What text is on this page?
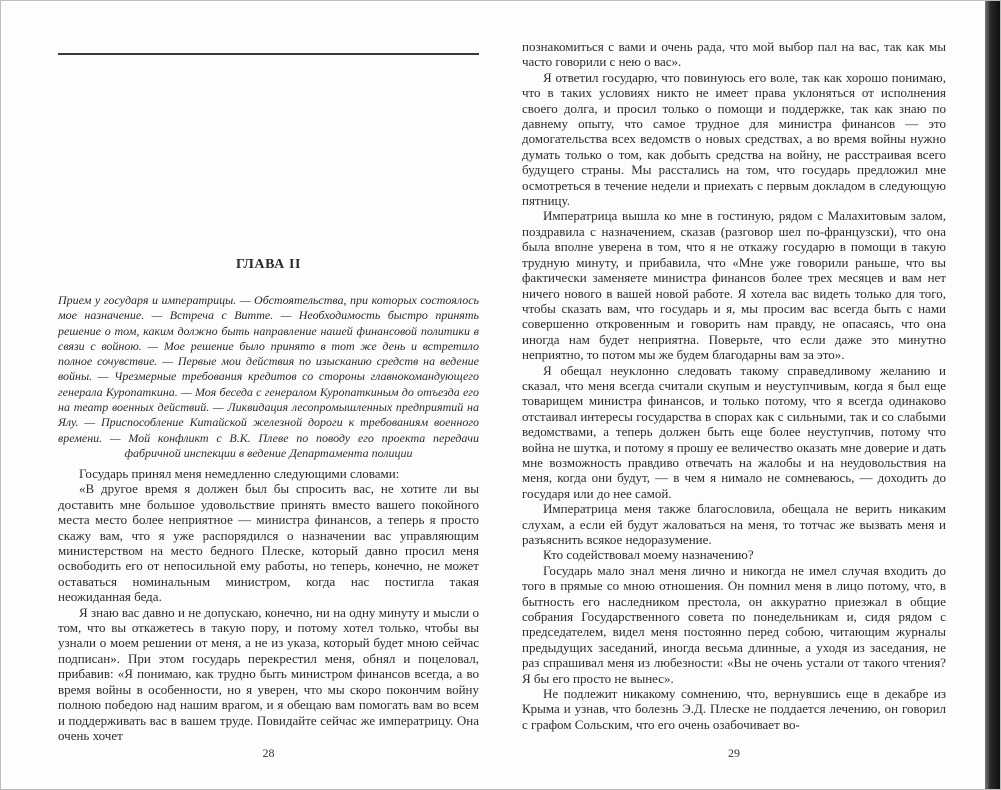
ГЛАВА II

Прием у государя и императрицы. — Обстоятельства, при которых состоялось мое назначение. — Встреча с Витте. — Необходимость быстро принять решение о том, каким должно быть направление нашей финансовой политики в связи с войною. — Мое решение было принято в тот же день и встретило полное сочувствие. — Первые мои действия по изысканию средств на ведение войны. — Чрезмерные требования кредитов со стороны главнокомандующего генерала Куропаткина. — Моя беседа с генералом Куропаткиным до отъезда его на театр военных действий. — Ликвидация лесопромышленных предприятий на Ялу. — Приспособление Китайской железной дороги к требованиям военного времени. — Мой конфликт с В.К. Плеве по поводу его проекта передачи фабричной инспекции в ведение Департамента полиции

Государь принял меня немедленно следующими словами:

«В другое время я должен был бы спросить вас, не хотите ли вы доставить мне большое удовольствие принять вместо вашего покойного места место более неприятное — министра финансов, а теперь я просто скажу вам, что я уже распорядился о назначении вас управляющим министерством на место бедного Плеске, который давно просил меня освободить его от непосильной ему работы, но теперь, конечно, не может оставаться номинальным министром, когда нас постигла такая неожиданная беда.

Я знаю вас давно и не допускаю, конечно, ни на одну минуту и мысли о том, что вы откажетесь в такую пору, и потому хотел только, чтобы вы узнали о моем решении от меня, а не из указа, который будет мною сейчас подписан». При этом государь перекрестил меня, обнял и поцеловал, прибавив: «Я понимаю, как трудно быть министром финансов всегда, а во время войны в особенности, но я уверен, что мы скоро покончим войну полною победою над нашим врагом, и я обещаю вам помогать вам во всем и поддерживать вас в вашем труде. Повидайте сейчас же императрицу. Она очень хочет

28

познакомиться с вами и очень рада, что мой выбор пал на вас, так как мы часто говорили с нею о вас».

Я ответил государю, что повинуюсь его воле, так как хорошо понимаю, что в таких условиях никто не имеет права уклоняться от исполнения своего долга, и просил только о помощи и поддержке, так как знаю по давнему опыту, что самое трудное для министра финансов — это домогательства всех ведомств о новых средствах, а во время войны нужно думать только о том, как добыть средства на войну, не расстраивая всего будущего страны. Мы расстались на том, что государь предложил мне осмотреться в течение недели и приехать с первым докладом в следующую пятницу.

Императрица вышла ко мне в гостиную, рядом с Малахитовым залом, поздравила с назначением, сказав (разговор шел по-французски), что она была вполне уверена в том, что я не откажу государю в помощи в такую трудную минуту, и прибавила, что «Мне уже говорили раньше, что вы фактически заменяете министра финансов более трех месяцев и вам нет ничего нового в вашей новой работе. Я хотела вас видеть только для того, чтобы сказать вам, что государь и я, мы просим вас всегда быть с нами совершенно откровенным и говорить нам правду, не опасаясь, что она иногда нам будет неприятна. Поверьте, что если даже это минутно неприятно, то потом мы же будем благодарны вам за это».

Я обещал неуклонно следовать такому справедливому желанию и сказал, что меня всегда считали скупым и неуступчивым, когда я был еще товарищем министра финансов, и только потому, что я всегда одинаково отстаивал интересы государства в спорах как с сильными, так и со слабыми ведомствами, а теперь должен быть еще более неуступчив, потому что война не шутка, и потому я прошу ее величество оказать мне доверие и дать мне возможность правдиво отвечать на жалобы и на неудовольствия на меня, когда они будут, — в чем я нимало не сомневаюсь, — доходить до государя или до нее самой.

Императрица меня также благословила, обещала не верить никаким слухам, а если ей будут жаловаться на меня, то тотчас же вызвать меня и разъяснить всякое недоразумение.

Кто содействовал моему назначению?

Государь мало знал меня лично и никогда не имел случая входить до того в прямые со мною отношения. Он помнил меня в лицо потому, что, в бытность его наследником престола, он аккуратно приезжал в общие собрания Государственного совета по понедельникам и, сидя рядом с председателем, видел меня постоянно перед собою, читающим журналы предыдущих заседаний, иногда весьма длинные, а уходя из заседания, не раз спрашивал меня из любезности: «Вы не очень устали от такого чтения? Я бы его просто не вынес».

Не подлежит никакому сомнению, что, вернувшись еще в декабре из Крыма и узнав, что болезнь Э.Д. Плеске не поддается лечению, он говорил с графом Сольским, что его очень озабочивает во-

29
